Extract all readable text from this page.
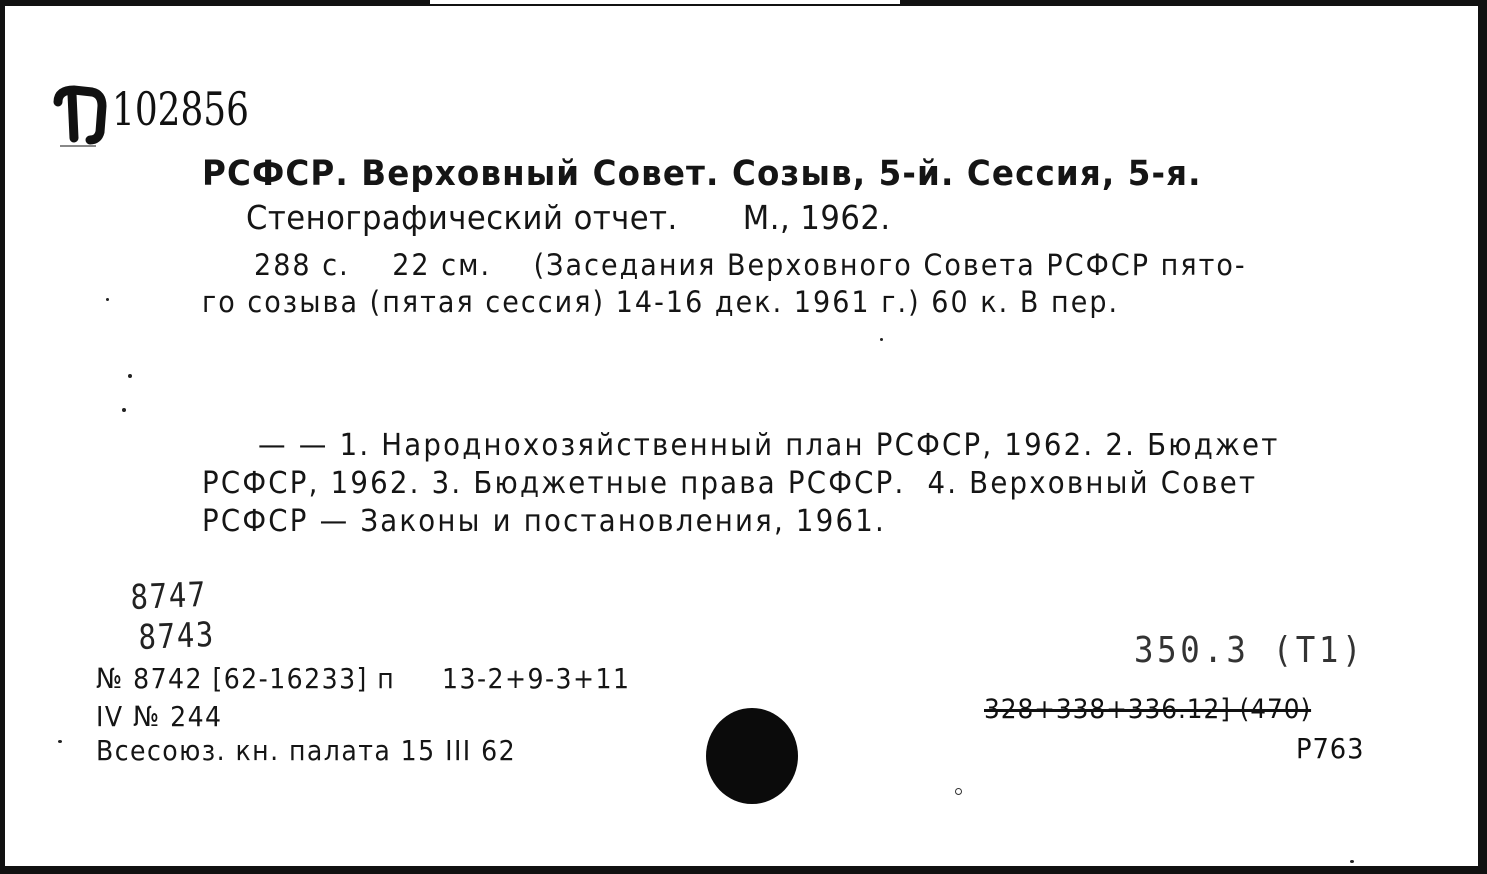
102856
РСФСР. Верховный Совет. Созыв, 5-й. Сессия, 5-я.
Стенографический отчет. М., 1962.
288 с.    22 см.    (Заседания Верховного Совета РСФСР пято-
го созыва (пятая сессия) 14-16 дек. 1961 г.) 60 к. В пер.
— — 1. Народнохозяйственный план РСФСР, 1962. 2. Бюджет
РСФСР, 1962. 3. Бюджетные права РСФСР.  4. Верховный Совет
РСФСР — Законы и постановления, 1961.
8747
8743
№ 8742 [62-16233] п 13-2+9-3+11
IV № 244
Всесоюз. кн. палата 15 III 62
350.3 (Т1)
328+338+336.12] (470)
Р763
